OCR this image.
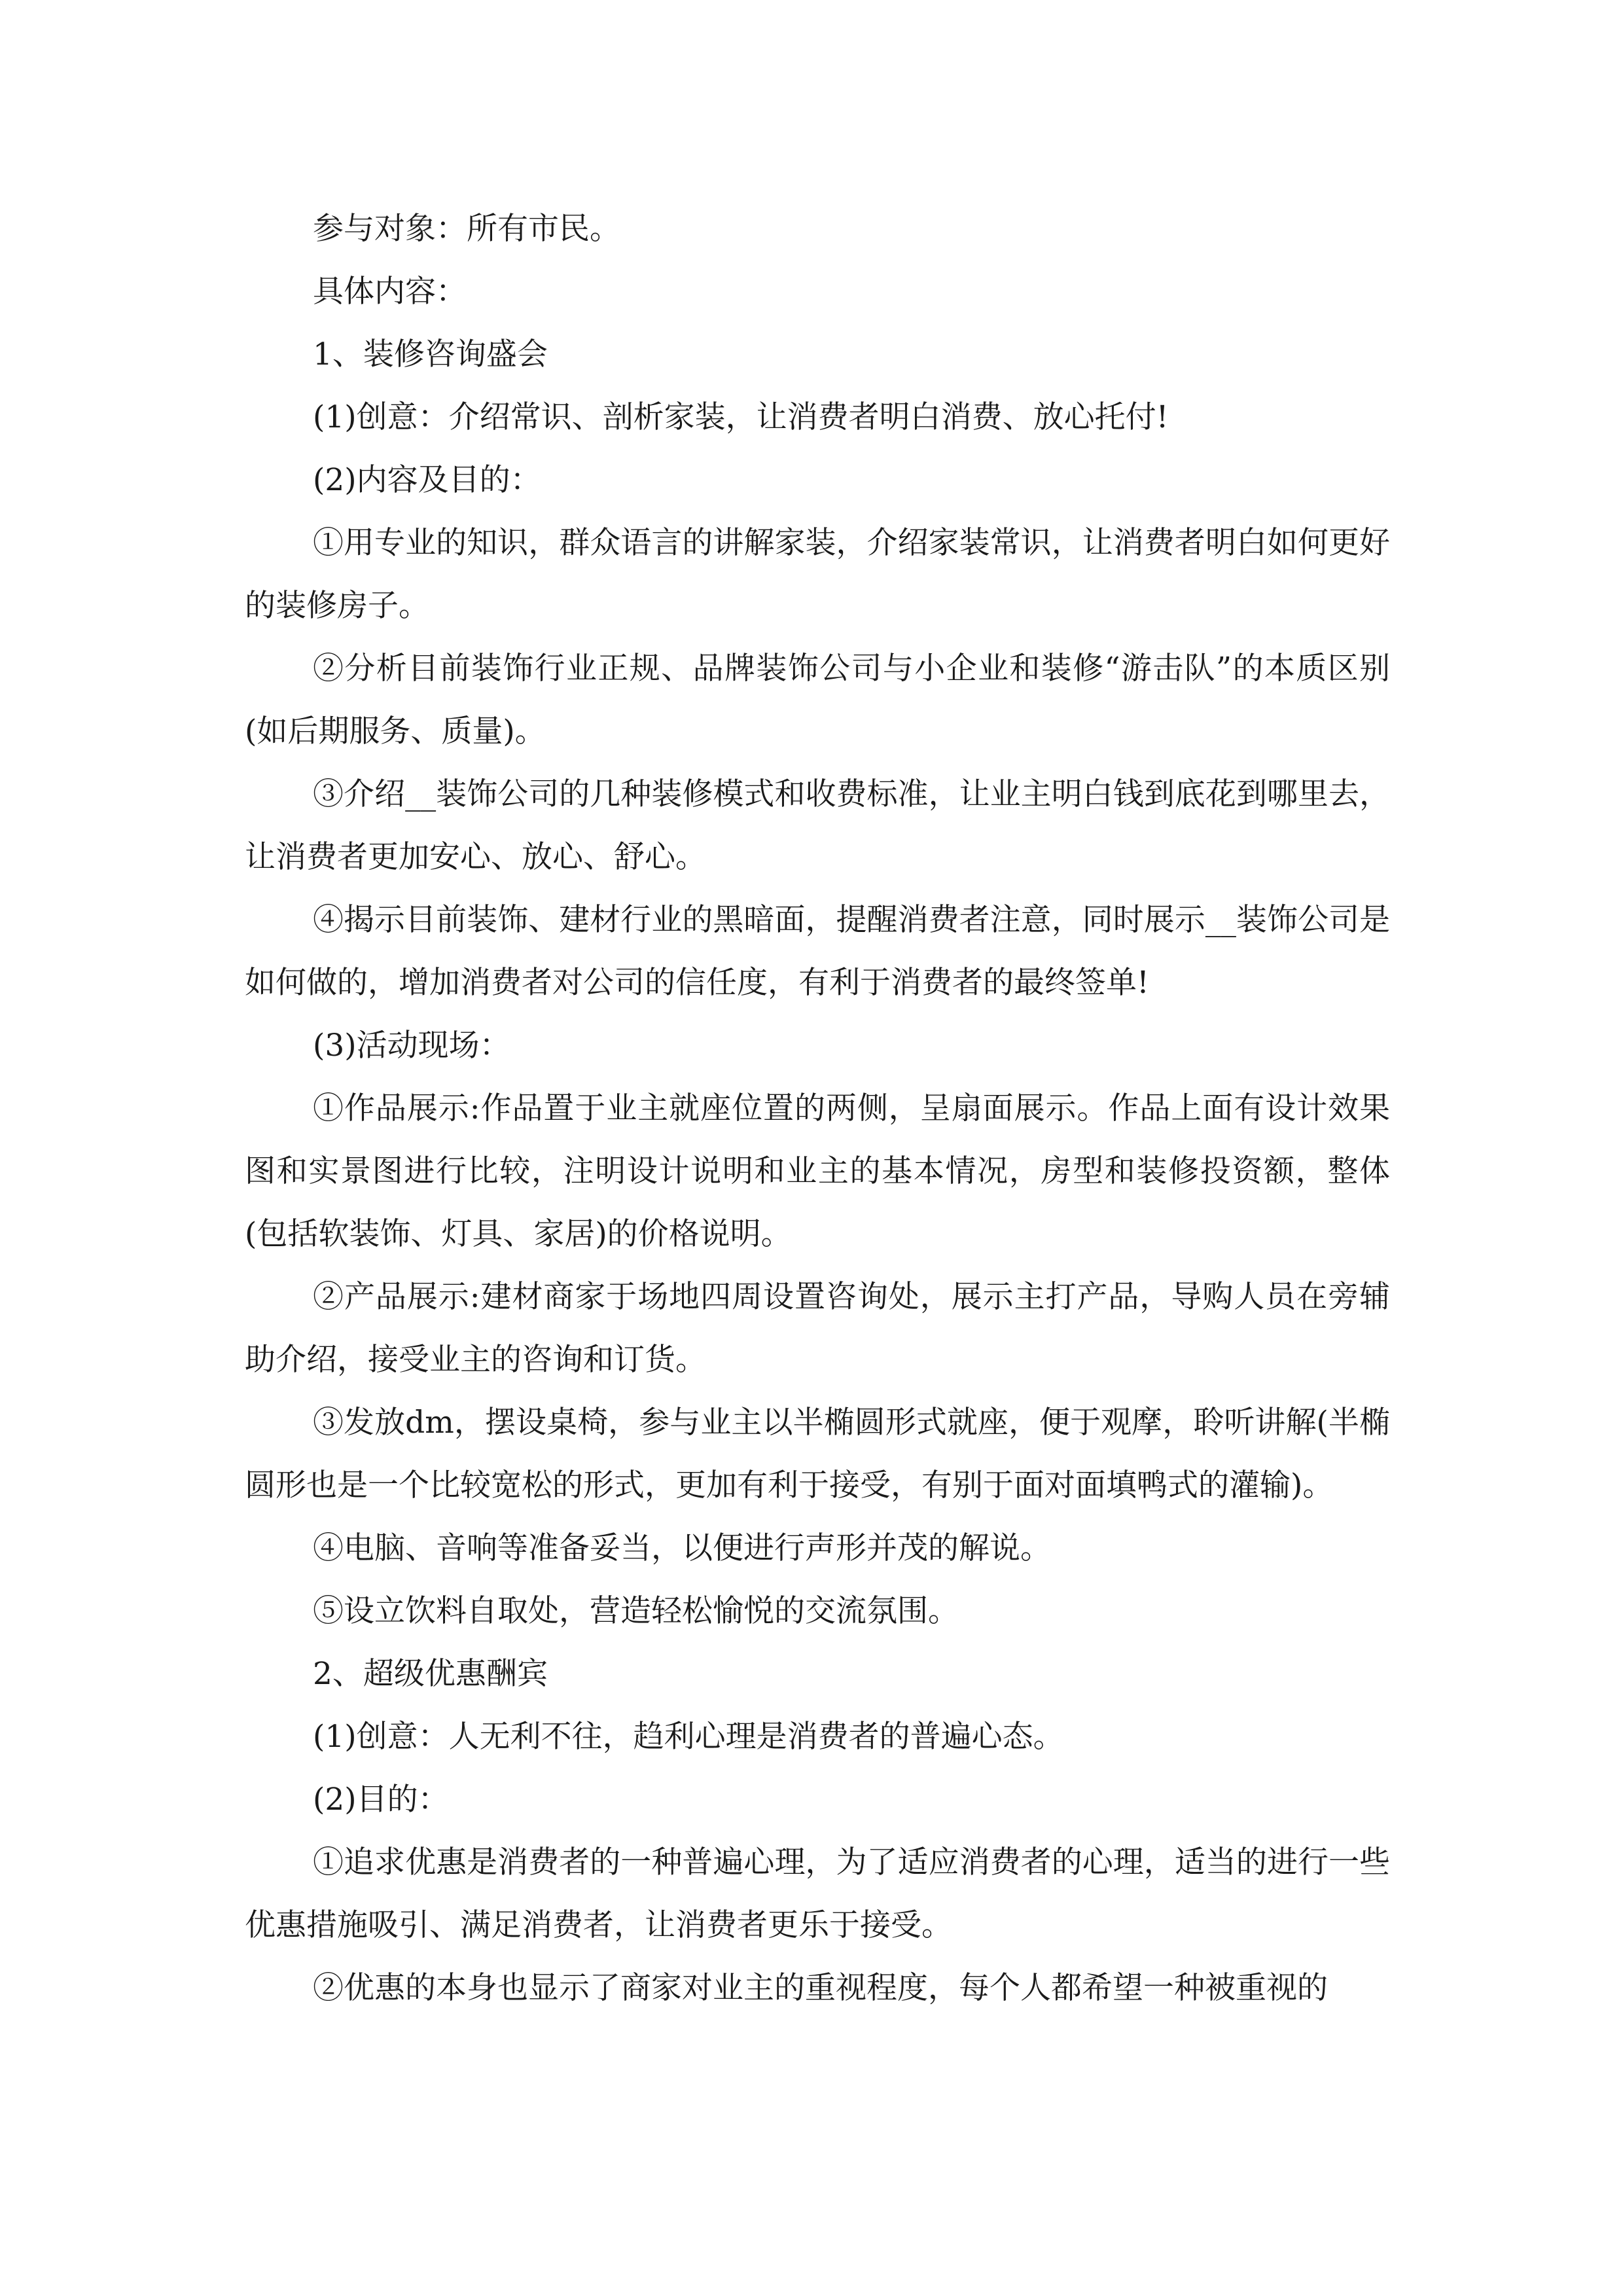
参与对象：所有市民。

具体内容：

1、装修咨询盛会

(1)创意：介绍常识、剖析家装，让消费者明白消费、放心托付!

(2)内容及目的：

①用专业的知识，群众语言的讲解家装，介绍家装常识，让消费者明白如何更好的装修房子。

②分析目前装饰行业正规、品牌装饰公司与小企业和装修“游击队”的本质区别(如后期服务、质量)。

③介绍__装饰公司的几种装修模式和收费标准，让业主明白钱到底花到哪里去，让消费者更加安心、放心、舒心。

④揭示目前装饰、建材行业的黑暗面，提醒消费者注意，同时展示__装饰公司是如何做的，增加消费者对公司的信任度，有利于消费者的最终签单!

(3)活动现场：

①作品展示:作品置于业主就座位置的两侧，呈扇面展示。作品上面有设计效果图和实景图进行比较，注明设计说明和业主的基本情况，房型和装修投资额，整体(包括软装饰、灯具、家居)的价格说明。

②产品展示:建材商家于场地四周设置咨询处，展示主打产品，导购人员在旁辅助介绍，接受业主的咨询和订货。

③发放dm，摆设桌椅，参与业主以半椭圆形式就座，便于观摩，聆听讲解(半椭圆形也是一个比较宽松的形式，更加有利于接受，有别于面对面填鸭式的灌输)。

④电脑、音响等准备妥当，以便进行声形并茂的解说。

⑤设立饮料自取处，营造轻松愉悦的交流氛围。

2、超级优惠酬宾

(1)创意：人无利不往，趋利心理是消费者的普遍心态。

(2)目的：

①追求优惠是消费者的一种普遍心理，为了适应消费者的心理，适当的进行一些优惠措施吸引、满足消费者，让消费者更乐于接受。

②优惠的本身也显示了商家对业主的重视程度，每个人都希望一种被重视的
